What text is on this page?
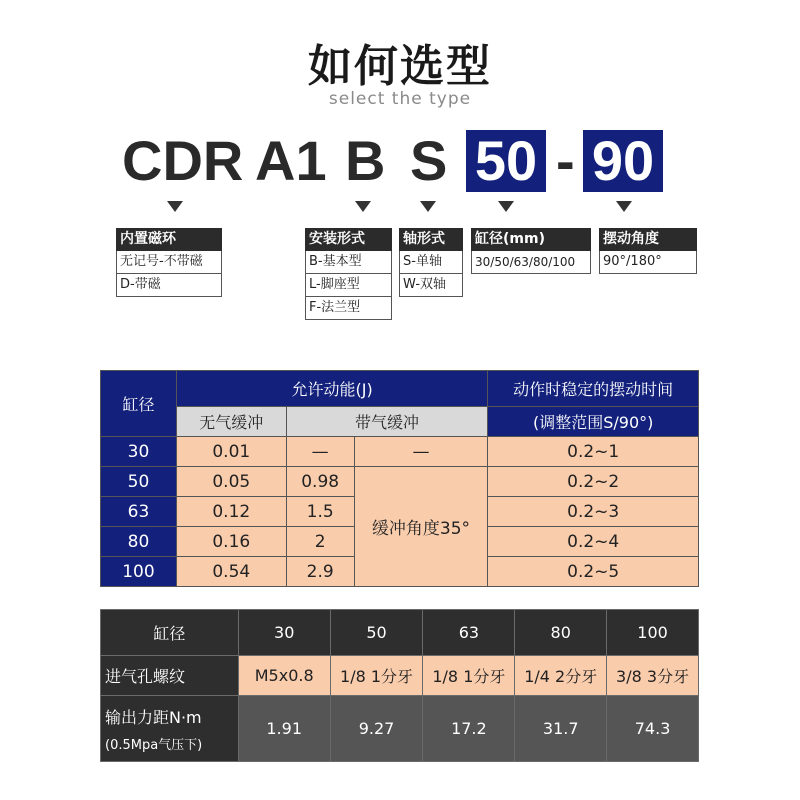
如何选型
select the type
CDR A1 B S 50 - 90
内置磁环
无记号-不带磁
D-带磁
安装形式
B-基本型
L-脚座型
F-法兰型
轴形式
S-单轴
W-双轴
缸径(mm)
30/50/63/80/100
摆动角度
90°/180°
缸径	允许动能(J)			动作时稳定的摆动时间
	无气缓冲	带气缓冲		(调整范围S/90°)
30	0.01	—	—	0.2~1
50	0.05	0.98	缓冲角度35°	0.2~2
63	0.12	1.5		0.2~3
80	0.16	2		0.2~4
100	0.54	2.9		0.2~5
缸径	30	50	63	80	100
进气孔螺纹	M5x0.8	1/8 1分牙	1/8 1分牙	1/4 2分牙	3/8 3分牙

输出力距N·m
(0.5Mpa气压下)	1.91	9.27	17.2	31.7	74.3
